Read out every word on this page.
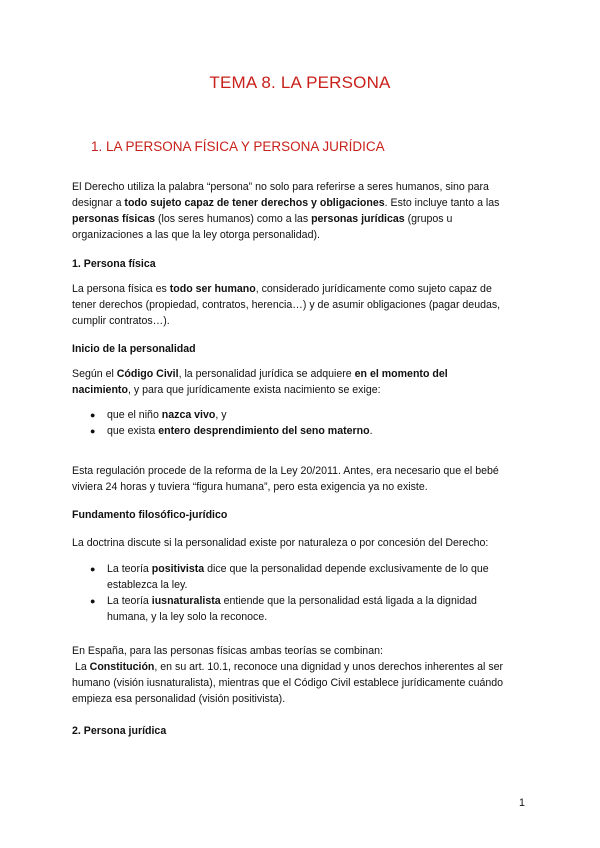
TEMA 8. LA PERSONA
1. LA PERSONA FÍSICA Y PERSONA JURÍDICA
El Derecho utiliza la palabra “persona” no solo para referirse a seres humanos, sino para
designar a todo sujeto capaz de tener derechos y obligaciones. Esto incluye tanto a las
personas físicas (los seres humanos) como a las personas jurídicas (grupos u
organizaciones a las que la ley otorga personalidad).
1. Persona física
La persona física es todo ser humano, considerado jurídicamente como sujeto capaz de
tener derechos (propiedad, contratos, herencia…) y de asumir obligaciones (pagar deudas,
cumplir contratos…).
Inicio de la personalidad
Según el Código Civil, la personalidad jurídica se adquiere en el momento del
nacimiento, y para que jurídicamente exista nacimiento se exige:
● que el niño nazca vivo, y
● que exista entero desprendimiento del seno materno.
Esta regulación procede de la reforma de la Ley 20/2011. Antes, era necesario que el bebé
viviera 24 horas y tuviera “figura humana”, pero esta exigencia ya no existe.
Fundamento filosófico-jurídico
La doctrina discute si la personalidad existe por naturaleza o por concesión del Derecho:
● La teoría positivista dice que la personalidad depende exclusivamente de lo que
establezca la ley.
● La teoría iusnaturalista entiende que la personalidad está ligada a la dignidad
humana, y la ley solo la reconoce.
En España, para las personas físicas ambas teorías se combinan:
La Constitución, en su art. 10.1, reconoce una dignidad y unos derechos inherentes al ser
humano (visión iusnaturalista), mientras que el Código Civil establece jurídicamente cuándo
empieza esa personalidad (visión positivista).
2. Persona jurídica
1
